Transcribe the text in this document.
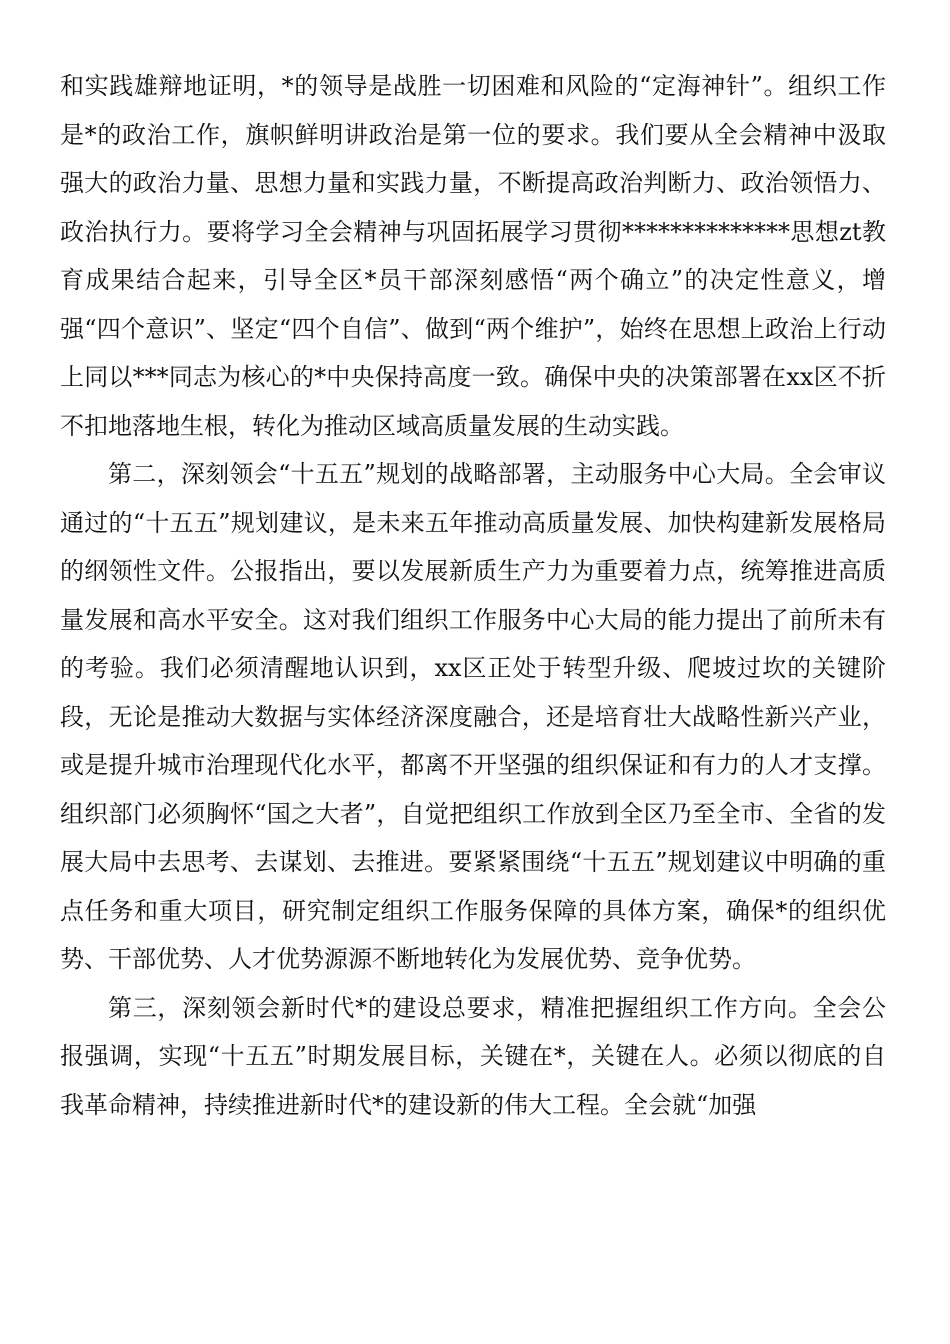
和实践雄辩地证明，*的领导是战胜一切困难和风险的“定海神针”。组织工作是*的政治工作，旗帜鲜明讲政治是第一位的要求。我们要从全会精神中汲取强大的政治力量、思想力量和实践力量，不断提高政治判断力、政治领悟力、政治执行力。要将学习全会精神与巩固拓展学习贯彻**************思想zt教育成果结合起来，引导全区*员干部深刻感悟“两个确立”的决定性意义，增强“四个意识”、坚定“四个自信”、做到“两个维护”，始终在思想上政治上行动上同以***同志为核心的*中央保持高度一致。确保中央的决策部署在xx区不折不扣地落地生根，转化为推动区域高质量发展的生动实践。

第二，深刻领会“十五五”规划的战略部署，主动服务中心大局。全会审议通过的“十五五”规划建议，是未来五年推动高质量发展、加快构建新发展格局的纲领性文件。公报指出，要以发展新质生产力为重要着力点，统筹推进高质量发展和高水平安全。这对我们组织工作服务中心大局的能力提出了前所未有的考验。我们必须清醒地认识到，xx区正处于转型升级、爬坡过坎的关键阶段，无论是推动大数据与实体经济深度融合，还是培育壮大战略性新兴产业，或是提升城市治理现代化水平，都离不开坚强的组织保证和有力的人才支撑。组织部门必须胸怀“国之大者”，自觉把组织工作放到全区乃至全市、全省的发展大局中去思考、去谋划、去推进。要紧紧围绕“十五五”规划建议中明确的重点任务和重大项目，研究制定组织工作服务保障的具体方案，确保*的组织优势、干部优势、人才优势源源不断地转化为发展优势、竞争优势。

第三，深刻领会新时代*的建设总要求，精准把握组织工作方向。全会公报强调，实现“十五五”时期发展目标，关键在*，关键在人。必须以彻底的自我革命精神，持续推进新时代*的建设新的伟大工程。全会就“加强
